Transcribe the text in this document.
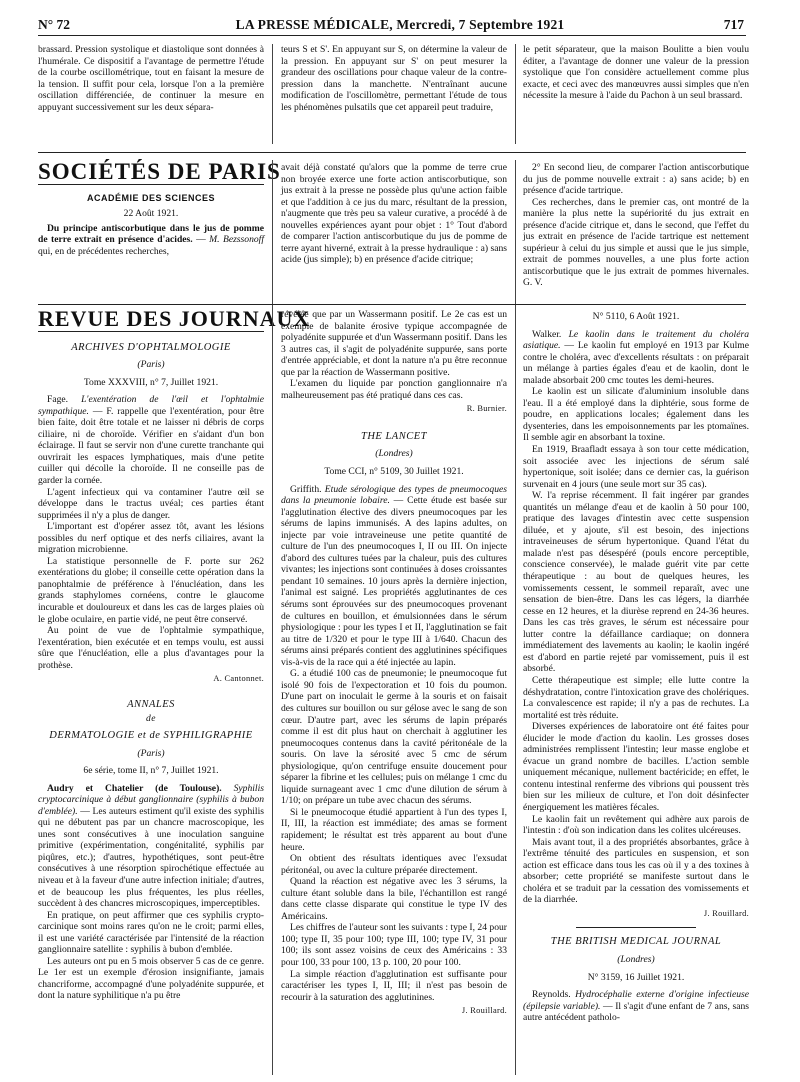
N° 72	LA PRESSE MÉDICALE, Mercredi, 7 Septembre 1921	717

brassard. Pression systolique et diastolique sont données à l'humérale. Ce dispositif a l'avantage de permettre l'étude de la courbe oscillométrique, tout en faisant la mesure de la tension. Il suffit pour cela, lorsque l'on a la première oscillation différenciée, de continuer la mesure en appuyant successivement sur les deux sépara-

teurs S et S'. En appuyant sur S, on détermine la valeur de la pression. En appuyant sur S' on peut mesurer la grandeur des oscillations pour chaque valeur de la contre-pression dans la manchette. N'entraînant aucune modification de l'oscillomètre, permettant l'étude de tous les phénomènes pulsatils que cet appareil peut traduire,

le petit séparateur, que la maison Boulitte a bien voulu éditer, a l'avantage de donner une valeur de la pression systolique que l'on considère actuellement comme plus exacte, et ceci avec des manœuvres aussi simples que n'en nécessite la mesure à l'aide du Pachon à un seul brassard.

SOCIÉTÉS DE PARIS
ACADÉMIE DES SCIENCES

22 Août 1921.

Du principe antiscorbutique dans le jus de pomme de terre extrait en présence d'acides. — M. Bezssonoff qui, en de précédentes recherches,

avait déjà constaté qu'alors que la pomme de terre crue non broyée exerce une forte action antiscorbutique, son jus extrait à la presse ne possède plus qu'une action faible et que l'addition à ce jus du marc, résultant de la pression, n'augmente que très peu sa valeur curative, a procédé à de nouvelles expériences ayant pour objet : 1° Tout d'abord de comparer l'action antiscorbutique du jus de pomme de terre ayant hiverné, extrait à la presse hydraulique : a) sans acide (jus simple); b) en présence d'acide citrique;

2° En second lieu, de comparer l'action antiscorbutique du jus de pomme nouvelle extrait : a) sans acide; b) en présence d'acide tartrique.

Ces recherches, dans le premier cas, ont montré de la manière la plus nette la supériorité du jus extrait en présence d'acide citrique et, dans le second, que l'effet du jus extrait en présence de l'acide tartrique est nettement supérieur à celui du jus simple et aussi que le jus simple, extrait de pommes nouvelles, a une plus forte action antiscorbutique que le jus extrait de pommes hivernales. G. V.

REVUE DES JOURNAUX
ARCHIVES D'OPHTALMOLOGIE
(Paris)
Tome XXXVIII, n° 7, Juillet 1921.

Fage. L'exentération de l'œil et l'ophtalmie sympathique. — F. rappelle que l'exentération, pour être bien faite, doit être totale et ne laisser ni débris de corps ciliaire, ni de choroïde. Vérifier en s'aidant d'un bon éclairage. Il faut se servir non d'une curette tranchante qui ouvrirait les espaces lymphatiques, mais d'une petite cuiller qui décolle la choroïde. Il ne conseille pas de garder la cornée.

L'agent infectieux qui va contaminer l'autre œil se développe dans le tractus uvéal; ces parties étant supprimées il n'y a plus de danger.

L'important est d'opérer assez tôt, avant les lésions possibles du nerf optique et des nerfs ciliaires, avant la migration microbienne.

La statistique personnelle de F. porte sur 262 exentérations du globe; il conseille cette opération dans la panophtalmie de préférence à l'énucléation, dans les grands staphylomes cornéens, contre le glaucome incurable et douloureux et dans les cas de larges plaies où le globe oculaire, en partie vidé, ne peut être conservé.

Au point de vue de l'ophtalmie sympathique, l'exentération, bien exécutée et en temps voulu, est aussi sûre que l'énucléation, elle a plus d'avantages pour la prothèse.

A. Cantonnet.
ANNALES
de
DERMATOLOGIE et de SYPHILIGRAPHIE
(Paris)
6e série, tome II, n° 7, Juillet 1921.

Audry et Chatelier (de Toulouse). Syphilis cryptocarcinique à début ganglionnaire (syphilis à bubon d'emblée). — Les auteurs estiment qu'il existe des syphilis qui ne débutent pas par un chancre macroscopique, les unes sont consécutives à une inoculation sanguine primitive (expérimentation, congénitalité, syphilis par piqûres, etc.); d'autres, hypothétiques, sont peut-être consécutives à une résorption spirochétique effectuée au niveau et à la faveur d'une autre infection initiale; d'autres, et de beaucoup les plus fréquentes, les plus réelles, succèdent à des chancres microscopiques, imperceptibles.

En pratique, on peut affirmer que ces syphilis crypto-carcinique sont moins rares qu'on ne le croit; parmi elles, il est une variété caractérisée par l'intensité de la réaction ganglionnaire satellite : syphilis à bubon d'emblée.

Les auteurs ont pu en 5 mois observer 5 cas de ce genre. Le 1er est un exemple d'érosion insignifiante, jamais chancriforme, accompagné d'une polyadénite suppurée, et dont la nature syphilitique n'a pu être

révélée que par un Wassermann positif. Le 2e cas est un exemple de balanite érosive typique accompagnée de polyadénite suppurée et d'un Wassermann positif. Dans les 3 autres cas, il s'agit de polyadénite suppurée, sans porte d'entrée appréciable, et dont la nature n'a pu être reconnue que par la réaction de Wassermann positive.

L'examen du liquide par ponction ganglionnaire n'a malheureusement pas été pratiqué dans ces cas.

R. Burnier.
THE LANCET
(Londres)
Tome CCI, n° 5109, 30 Juillet 1921.

Griffith. Etude sérologique des types de pneumocoques dans la pneumonie lobaire. — Cette étude est basée sur l'agglutination élective des divers pneumocoques par les sérums de lapins immunisés. A des lapins adultes, on injecte par voie intraveineuse une petite quantité de culture de l'un des pneumocoques I, II ou III. On injecte d'abord des cultures tuées par la chaleur, puis des cultures vivantes; les injections sont continuées à doses croissantes pendant 10 semaines. 10 jours après la dernière injection, l'animal est saigné. Les propriétés agglutinantes de ces sérums sont éprouvées sur des pneumocoques provenant de cultures en bouillon, et émulsionnées dans le sérum physiologique : pour les types I et II, l'agglutination se fait au titre de 1/320 et pour le type III à 1/640. Chacun des sérums ainsi préparés contient des agglutinines spécifiques vis-à-vis de la race qui a été injectée au lapin.

G. a étudié 100 cas de pneumonie; le pneumocoque fut isolé 90 fois de l'expectoration et 10 fois du poumon. D'une part on inoculait le germe à la souris et on faisait des cultures sur bouillon ou sur gélose avec le sang de son cœur. D'autre part, avec les sérums de lapin préparés comme il est dit plus haut on cherchait à agglutiner les pneumocoques contenus dans la cavité péritonéale de la souris. On lave la sérosité avec 5 cmc de sérum physiologique, qu'on centrifuge ensuite doucement pour séparer la fibrine et les cellules; puis on mélange 1 cmc du liquide surnageant avec 1 cmc d'une dilution de sérum à 1/10; on prépare un tube avec chacun des sérums.

Si le pneumocoque étudié appartient à l'un des types I, II, III, la réaction est immédiate; des amas se forment rapidement; le résultat est très apparent au bout d'une heure.

On obtient des résultats identiques avec l'exsudat péritonéal, ou avec la culture préparée directement.

Quand la réaction est négative avec les 3 sérums, la culture étant soluble dans la bile, l'échantillon est rangé dans cette classe disparate qui constitue le type IV des Américains.

Les chiffres de l'auteur sont les suivants : type I, 24 pour 100; type II, 35 pour 100; type III, 100; type IV, 31 pour 100; ils sont assez voisins de ceux des Américains : 33 pour 100, 33 pour 100, 13 p. 100, 20 pour 100.

La simple réaction d'agglutination est suffisante pour caractériser les types I, II, III; il n'est pas besoin de recourir à la saturation des agglutinines.

J. Rouillard.
N° 5110, 6 Août 1921.

Walker. Le kaolin dans le traitement du choléra asiatique. — Le kaolin fut employé en 1913 par Kulme contre le choléra, avec d'excellents résultats : on préparait un mélange à parties égales d'eau et de kaolin, dont le malade absorbait 200 cmc toutes les demi-heures.

Le kaolin est un silicate d'aluminium insoluble dans l'eau. Il a été employé dans la diphtérie, sous forme de poudre, en applications locales; également dans les dysenteries, dans les empoisonnements par les ptomaïnes. Il semble agir en absorbant la toxine.

En 1919, Braafladt essaya à son tour cette médication, soit associée avec les injections de sérum salé hypertonique, soit isolée; dans ce dernier cas, la guérison survenait en 4 jours (une seule mort sur 35 cas).

W. l'a reprise récemment. Il fait ingérer par grandes quantités un mélange d'eau et de kaolin à 50 pour 100, pratique des lavages d'intestin avec cette suspension diluée, et y ajoute, s'il est besoin, des injections intraveineuses de sérum hypertonique. Quand l'état du malade n'est pas désespéré (pouls encore perceptible, conscience conservée), le malade guérit vite par cette thérapeutique : au bout de quelques heures, les vomissements cessent, le sommeil reparaît, avec une sensation de bien-être. Dans les cas légers, la diarrhée cesse en 12 heures, et la diurèse reprend en 24-36 heures. Dans les cas très graves, le sérum est nécessaire pour lutter contre la défaillance cardiaque; on donnera immédiatement des lavements au kaolin; le kaolin ingéré est d'abord en partie rejeté par vomissement, puis il est absorbé.

Cette thérapeutique est simple; elle lutte contre la déshydratation, contre l'intoxication grave des cholériques. La convalescence est rapide; il n'y a pas de rechutes. La mortalité est très réduite.

Diverses expériences de laboratoire ont été faites pour élucider le mode d'action du kaolin. Les grosses doses administrées remplissent l'intestin; leur masse englobe et évacue un grand nombre de bacilles. L'action semble uniquement mécanique, nullement bactéricide; en effet, le contenu intestinal renferme des vibrions qui poussent très bien sur les milieux de culture, et l'on doit désinfecter énergiquement les matières fécales.

Le kaolin fait un revêtement qui adhère aux parois de l'intestin : d'où son indication dans les colites ulcéreuses.

Mais avant tout, il a des propriétés absorbantes, grâce à l'extrême ténuité des particules en suspension, et son action est efficace dans tous les cas où il y a des toxines à absorber; cette propriété se manifeste surtout dans le choléra et se traduit par la cessation des vomissements et de la diarrhée.

J. Rouillard.
THE BRITISH MEDICAL JOURNAL
(Londres)
N° 3159, 16 Juillet 1921.

Reynolds. Hydrocéphalie externe d'origine infectieuse (épilepsie variable). — Il s'agit d'une enfant de 7 ans, sans autre antécédent patholo-
